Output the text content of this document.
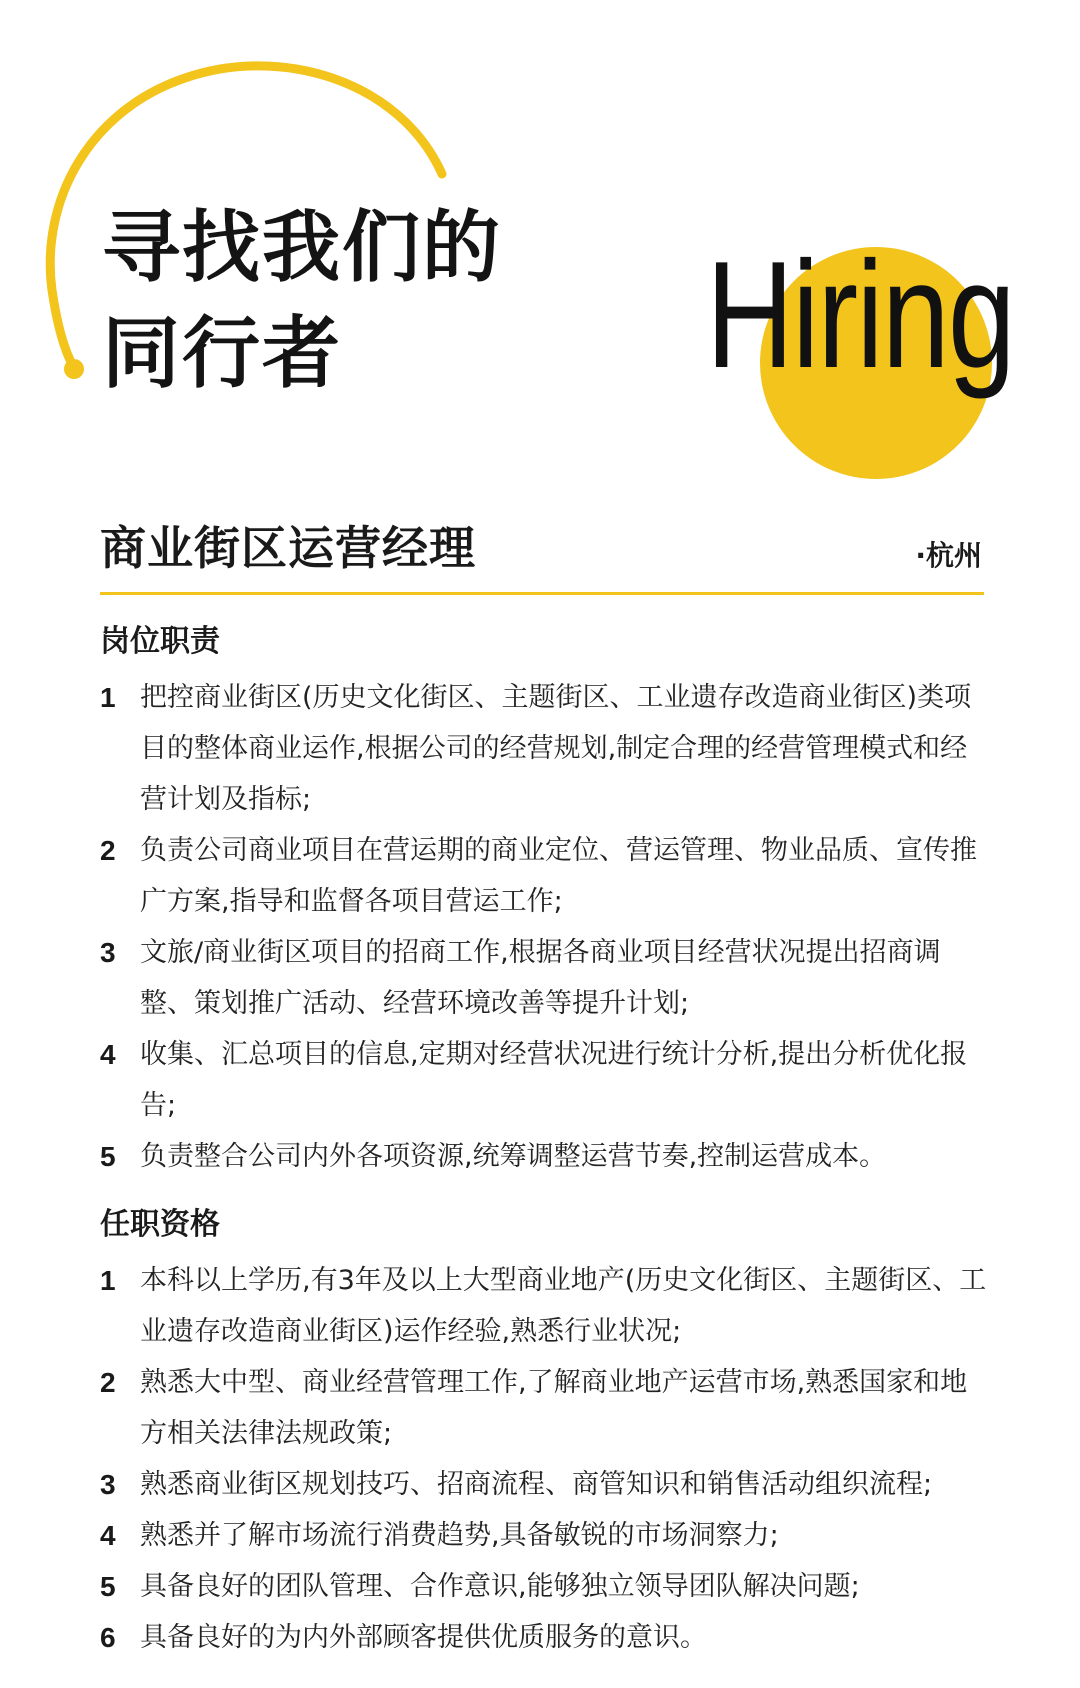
寻找我们的
同行者	Hiring
商业街区运营经理	·杭州
岗位职责
1 把控商业街区(历史文化街区、主题街区、工业遗存改造商业街区)类项目的整体商业运作,根据公司的经营规划,制定合理的经营管理模式和经营计划及指标;
2 负责公司商业项目在营运期的商业定位、营运管理、物业品质、宣传推广方案,指导和监督各项目营运工作;
3 文旅/商业街区项目的招商工作,根据各商业项目经营状况提出招商调整、策划推广活动、经营环境改善等提升计划;
4 收集、汇总项目的信息,定期对经营状况进行统计分析,提出分析优化报告;
5 负责整合公司内外各项资源,统筹调整运营节奏,控制运营成本。
任职资格
1 本科以上学历,有3年及以上大型商业地产(历史文化街区、主题街区、工业遗存改造商业街区)运作经验,熟悉行业状况;
2 熟悉大中型、商业经营管理工作,了解商业地产运营市场,熟悉国家和地方相关法律法规政策;
3 熟悉商业街区规划技巧、招商流程、商管知识和销售活动组织流程;
4 熟悉并了解市场流行消费趋势,具备敏锐的市场洞察力;
5 具备良好的团队管理、合作意识,能够独立领导团队解决问题;
6 具备良好的为内外部顾客提供优质服务的意识。
